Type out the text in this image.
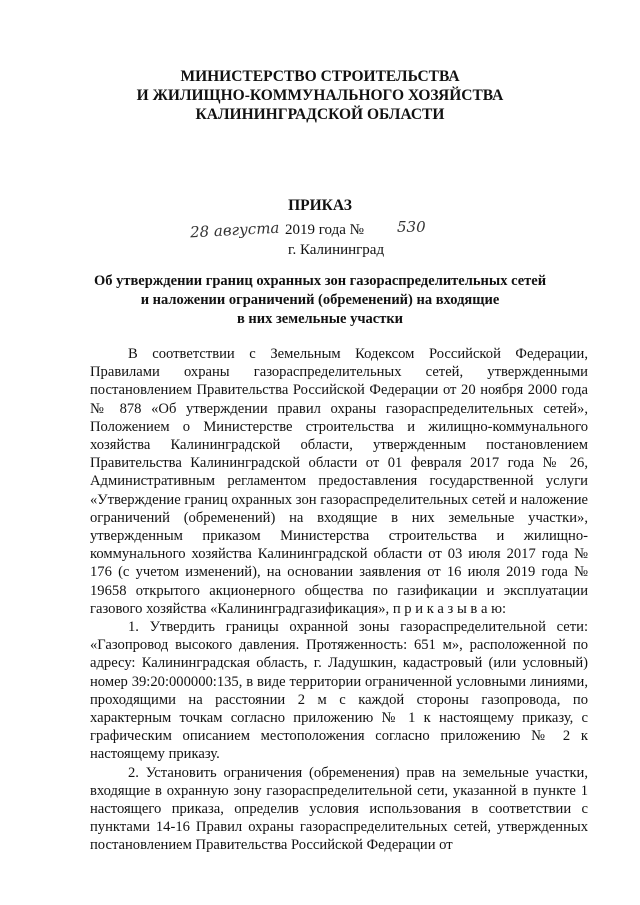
МИНИСТЕРСТВО СТРОИТЕЛЬСТВА
И ЖИЛИЩНО-КОММУНАЛЬНОГО ХОЗЯЙСТВА
КАЛИНИНГРАДСКОЙ ОБЛАСТИ
ПРИКАЗ
28 августа 2019 года № 530
г. Калининград
Об утверждении границ охранных зон газораспределительных сетей
и наложении ограничений (обременений) на входящие
в них земельные участки

В соответствии с Земельным Кодексом Российской Федерации, Правилами охраны газораспределительных сетей, утвержденными постановлением Правительства Российской Федерации от 20 ноября 2000 года № 878 «Об утверждении правил охраны газораспределительных сетей», Положением о Министерстве строительства и жилищно-коммунального хозяйства Калининградской области, утвержденным постановлением Правительства Калининградской области от 01 февраля 2017 года № 26, Административным регламентом предоставления государственной услуги «Утверждение границ охранных зон газораспределительных сетей и наложение ограничений (обременений) на входящие в них земельные участки», утвержденным приказом Министерства строительства и жилищно-коммунального хозяйства Калининградской области от 03 июля 2017 года № 176 (с учетом изменений), на основании заявления от 16 июля 2019 года № 19658 открытого акционерного общества по газификации и эксплуатации газового хозяйства «Калининградгазификация», п р и к а з ы в а ю:

1. Утвердить границы охранной зоны газораспределительной сети: «Газопровод высокого давления. Протяженность: 651 м», расположенной по адресу: Калининградская область, г. Ладушкин, кадастровый (или условный) номер 39:20:000000:135, в виде территории ограниченной условными линиями, проходящими на расстоянии 2 м с каждой стороны газопровода, по характерным точкам согласно приложению № 1 к настоящему приказу, с графическим описанием местоположения согласно приложению № 2 к настоящему приказу.

2. Установить ограничения (обременения) прав на земельные участки, входящие в охранную зону газораспределительной сети, указанной в пункте 1 настоящего приказа, определив условия использования в соответствии с пунктами 14-16 Правил охраны газораспределительных сетей, утвержденных постановлением Правительства Российской Федерации от
